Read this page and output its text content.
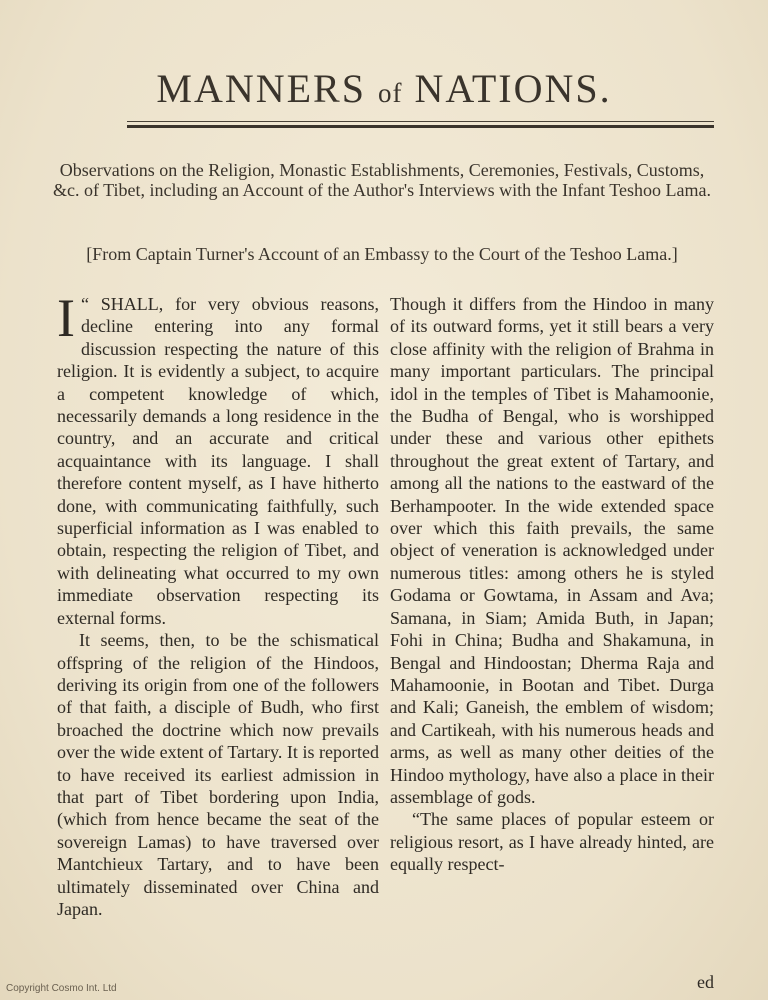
MANNERS of NATIONS.
Observations on the Religion, Monastic Establishments, Ceremonies, Festivals, Customs, &c. of Tibet, including an Account of the Author's Interviews with the Infant Teshoo Lama.
[From Captain Turner's Account of an Embassy to the Court of the Teshoo Lama.]

“
I SHALL, for very obvious reasons, decline entering into any formal discussion respecting the nature of this religion. It is evidently a subject, to acquire a competent knowledge of which, necessarily demands a long residence in the country, and an accurate and critical acquaintance with its language. I shall therefore content myself, as I have hitherto done, with communicating faithfully, such superficial information as I was enabled to obtain, respecting the religion of Tibet, and with delineating what occurred to my own immediate observation respecting its external forms.

It seems, then, to be the schismatical offspring of the religion of the Hindoos, deriving its origin from one of the followers of that faith, a disciple of Budh, who first broached the doctrine which now prevails over the wide extent of Tartary. It is reported to have received its earliest admission in that part of Tibet bordering upon India, (which from hence became the seat of the sovereign Lamas) to have traversed over Mantchieux Tartary, and to have been ultimately disseminated over China and Japan.

Though it differs from the Hindoo in many of its outward forms, yet it still bears a very close affinity with the religion of Brahma in many important particulars. The principal idol in the temples of Tibet is Mahamoonie, the Budha of Bengal, who is worshipped under these and various other epithets throughout the great extent of Tartary, and among all the nations to the eastward of the Berhampooter. In the wide extended space over which this faith prevails, the same object of veneration is acknowledged under numerous titles: among others he is styled Godama or Gowtama, in Assam and Ava; Samana, in Siam; Amida Buth, in Japan; Fohi in China; Budha and Shakamuna, in Bengal and Hindoostan; Dherma Raja and Mahamoonie, in Bootan and Tibet. Durga and Kali; Ganeish, the emblem of wisdom; and Cartikeah, with his numerous heads and arms, as well as many other deities of the Hindoo mythology, have also a place in their assemblage of gods.

“The same places of popular esteem or religious resort, as I have already hinted, are equally respect-

ed
Copyright Cosmo Int. Ltd
